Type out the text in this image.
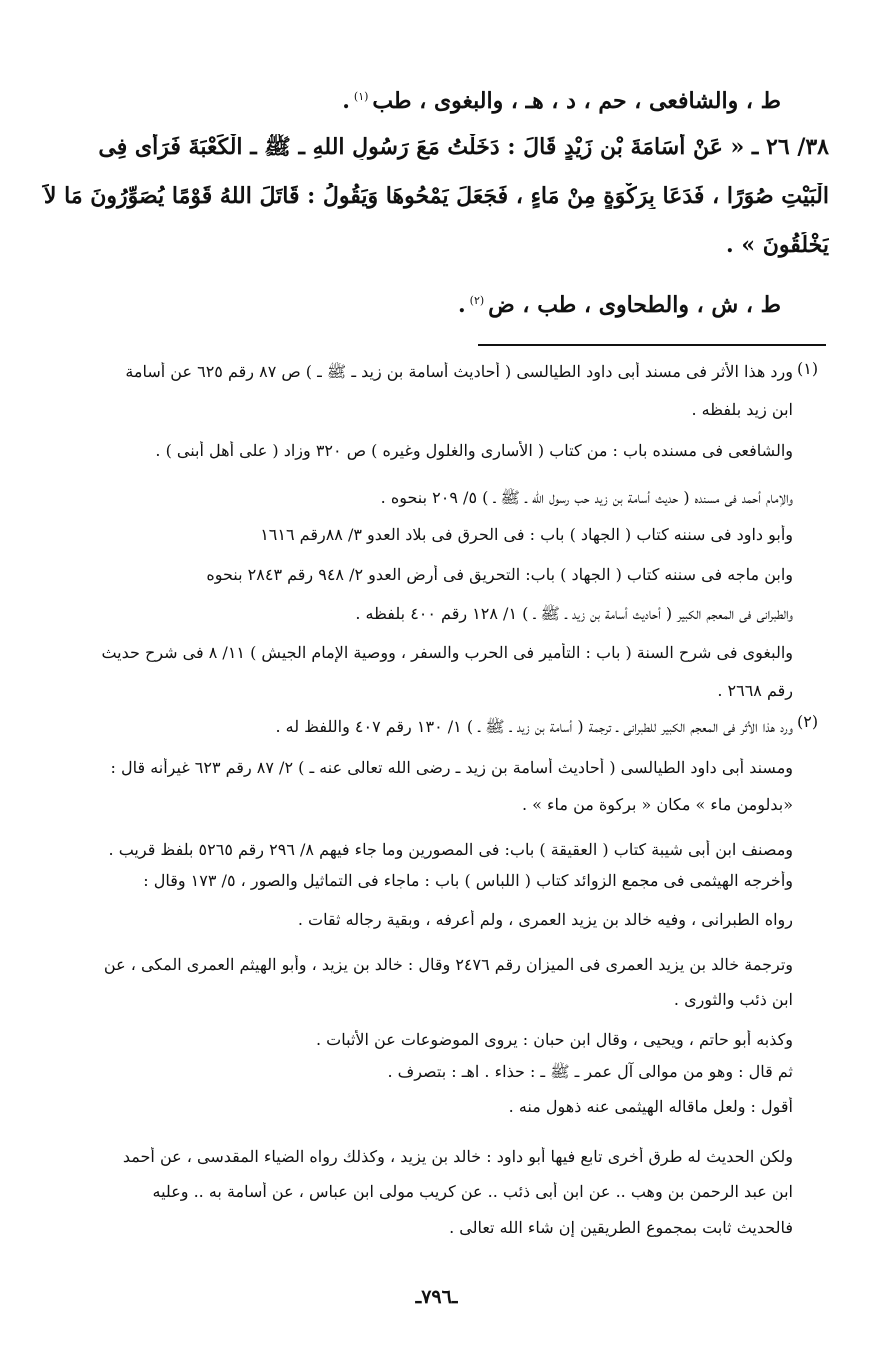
ط ، والشافعى ، حم ، د ، هـ ، والبغوى ، طب$^{(١)}$.
٣٨/ ٢٦ ـ « عَنْ أُسَامَةَ بْنِ زَيْدٍ قَالَ : دَخَلْتُ مَعَ رَسُولِ اللهِ ـ ﷺ ـ الْكَعْبَةَ فَرَأَى فِى
الْبَيْتِ صُوَرًا ، فَدَعَا بِرَكْوَةٍ مِنْ مَاءٍ ، فَجَعَلَ يَمْحُوهَا وَيَقُولُ : قَاتَلَ اللهُ قَوْمًا يُصَوِّرُونَ مَا لاَ
يَخْلُقُونَ » .
ط ، ش ، والطحاوى ، طب ، ض$^{(٢)}$.
(١)
(٢)
ورد هذا الأثر فى مسند أبى داود الطيالسى ( أحاديث أسامة بن زيد ـ ﷺ ـ ) ص ٨٧ رقم ٦٢٥ عن أسامة
ابن زيد بلفظه .
والشافعى فى مسنده باب : من كتاب ( الأسارى والغلول وغيره ) ص ٣٢٠ وزاد ( على أهل أبنى ) .
والإمام أحمد فى مسنده ( حديث أسامة بن زيد حب رسول الله ـ ﷺ ـ ) ٥/ ٢٠٩ بنحوه .
وأبو داود فى سننه كتاب ( الجهاد ) باب : فى الحرق فى بلاد العدو ٣/ ٨٨رقم ١٦١٦
وابن ماجه فى سننه كتاب ( الجهاد ) باب: التحريق فى أرض العدو ٢/ ٩٤٨ رقم ٢٨٤٣ بنحوه
والطبرانى فى المعجم الكبير ( أحاديث أسامة بن زيد ـ ﷺ ـ ) ١/ ١٢٨ رقم ٤٠٠ بلفظه .
والبغوى فى شرح السنة ( باب : التأمير فى الحرب والسفر ، ووصية الإمام الجيش ) ١١/ ٨ فى شرح حديث
رقم ٢٦٦٨ .
ورد هذا الأثر فى المعجم الكبير للطبرانى ـ ترجمة ( أسامة بن زيد ـ ﷺ ـ ) ١/ ١٣٠ رقم ٤٠٧ واللفظ له .
ومسند أبى داود الطيالسى ( أحاديث أسامة بن زيد ـ رضى الله تعالى عنه ـ ) ٢/ ٨٧ رقم ٦٢٣ غيرأنه قال :
«بدلومن ماء » مكان « بركوة من ماء » .
ومصنف ابن أبى شيبة كتاب ( العقيقة ) باب: فى المصورين وما جاء فيهم ٨/ ٢٩٦ رقم ٥٢٦٥ بلفظ قريب .
وأخرجه الهيثمى فى مجمع الزوائد كتاب ( اللباس ) باب : ماجاء فى التماثيل والصور ، ٥/ ١٧٣ وقال :
رواه الطبرانى ، وفيه خالد بن يزيد العمرى ، ولم أعرفه ، وبقية رجاله ثقات .
وترجمة خالد بن يزيد العمرى فى الميزان رقم ٢٤٧٦ وقال : خالد بن يزيد ، وأبو الهيثم العمرى المكى ، عن
ابن ذئب والثورى .
وكذبه أبو حاتم ، ويحيى ، وقال ابن حبان : يروى الموضوعات عن الأثبات .
ثم قال : وهو من موالى آل عمر ـ ﷺ ـ : حذاء . اهـ : بتصرف .
أقول : ولعل ماقاله الهيثمى عنه ذهول منه .
ولكن الحديث له طرق أخرى تابع فيها أبو داود : خالد بن يزيد ، وكذلك رواه الضياء المقدسى ، عن أحمد
ابن عبد الرحمن بن وهب .. عن ابن أبى ذئب .. عن كريب مولى ابن عباس ، عن أسامة به .. وعليه
فالحديث ثابت بمجموع الطريقين إن شاء الله تعالى .
ـ٧٩٦ـ
